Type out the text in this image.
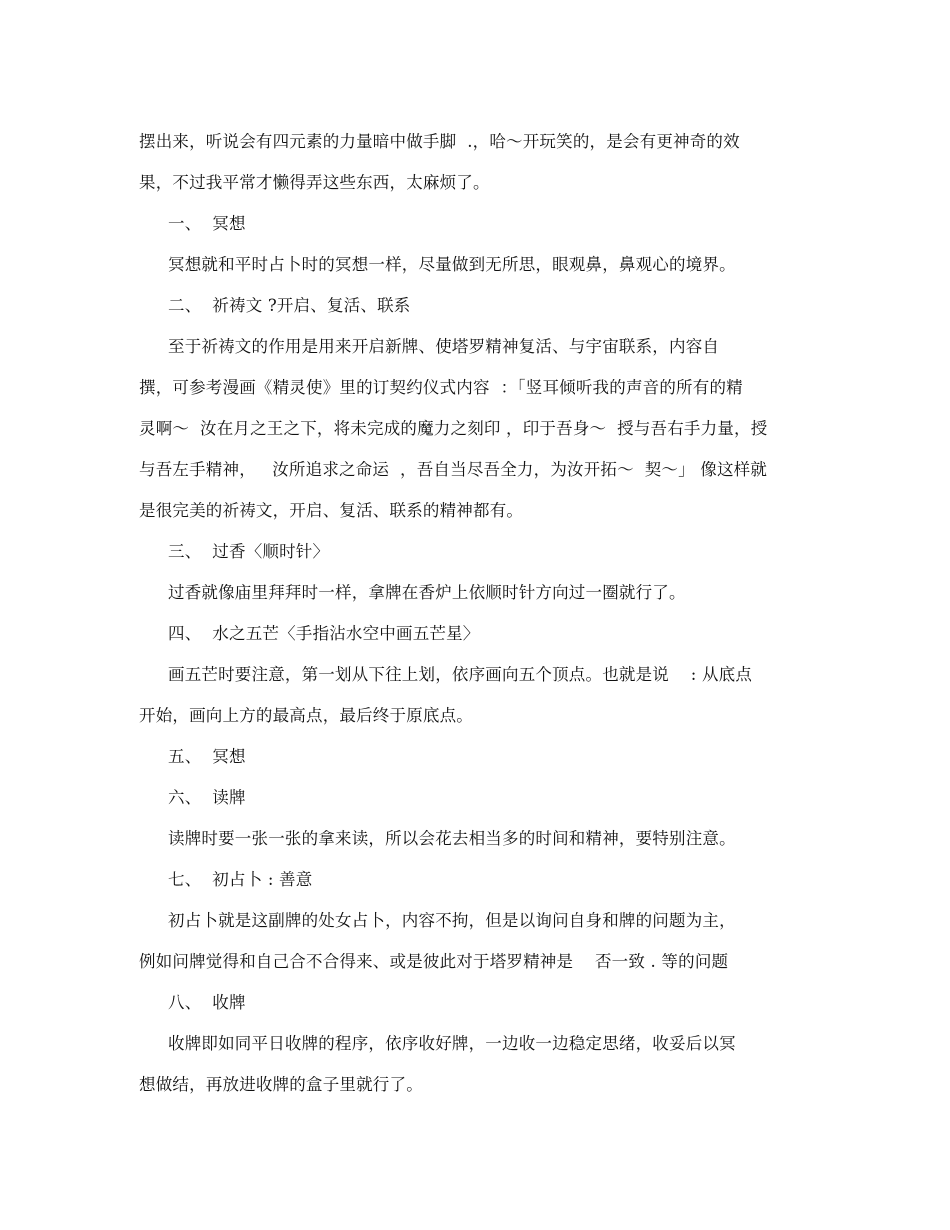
摆出来，听说会有四元素的力量暗中做手脚  .，哈～开玩笑的，是会有更神奇的效
果，不过我平常才懒得弄这些东西，太麻烦了。
一、  冥想
冥想就和平时占卜时的冥想一样，尽量做到无所思，眼观鼻，鼻观心的境界。
二、  祈祷文 ?开启、复活、联系
至于祈祷文的作用是用来开启新牌、使塔罗精神复活、与宇宙联系，内容自
撰，可参考漫画《精灵使》里的订契约仪式内容  ：「竖耳倾听我的声音的所有的精
灵啊～  汝在月之王之下，将未完成的魔力之刻印 ，印于吾身～  授与吾右手力量，授
与吾左手精神，   汝所追求之命运  ，吾自当尽吾全力，为汝开拓～  契～」 像这样就
是很完美的祈祷文，开启、复活、联系的精神都有。
三、  过香〈顺时针〉
过香就像庙里拜拜时一样，拿牌在香炉上依顺时针方向过一圈就行了。
四、  水之五芒〈手指沾水空中画五芒星〉
画五芒时要注意，第一划从下往上划，依序画向五个顶点。也就是说    : 从底点
开始，画向上方的最高点，最后终于原底点。
五、  冥想
六、  读牌
读牌时要一张一张的拿来读，所以会花去相当多的时间和精神，要特别注意。
七、  初占卜 : 善意
初占卜就是这副牌的处女占卜，内容不拘，但是以询问自身和牌的问题为主，
例如问牌觉得和自己合不合得来、或是彼此对于塔罗精神是    否一致 . 等的问题
八、  收牌
收牌即如同平日收牌的程序，依序收好牌，一边收一边稳定思绪，收妥后以冥
想做结，再放进收牌的盒子里就行了。
